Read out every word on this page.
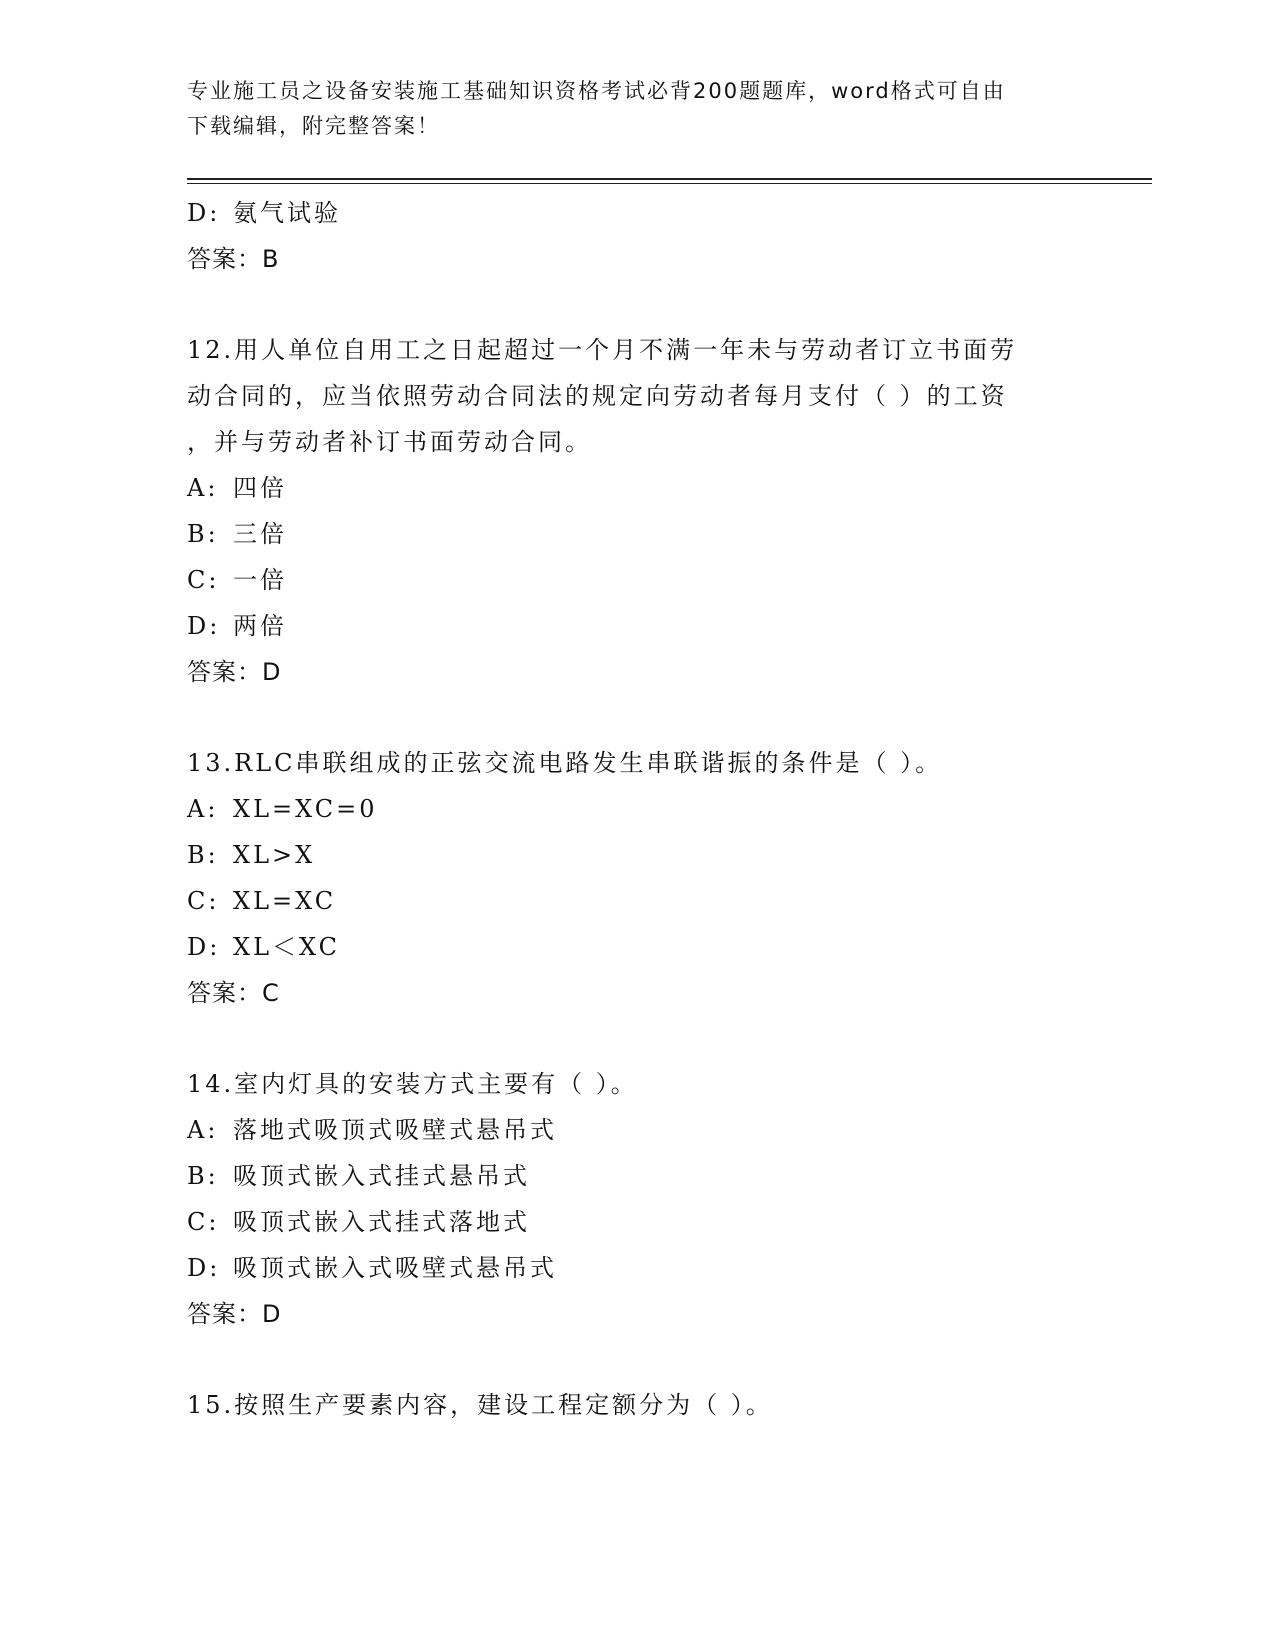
专业施工员之设备安装施工基础知识资格考试必背200题题库，word格式可自由
下载编辑，附完整答案！
D: 氨气试验
答案：B
12.用人单位自用工之日起超过一个月不满一年未与劳动者订立书面劳
动合同的，应当依照劳动合同法的规定向劳动者每月支付（ ）的工资
，并与劳动者补订书面劳动合同。
A: 四倍
B: 三倍
C: 一倍
D: 两倍
答案：D
13.RLC串联组成的正弦交流电路发生串联谐振的条件是（ ）。
A: XL=XC=0
B: XL>X
C: XL=XC
D: XL＜XC
答案：C
14.室内灯具的安装方式主要有（ ）。
A: 落地式吸顶式吸壁式悬吊式
B: 吸顶式嵌入式挂式悬吊式
C: 吸顶式嵌入式挂式落地式
D: 吸顶式嵌入式吸壁式悬吊式
答案：D
15.按照生产要素内容，建设工程定额分为（ ）。
